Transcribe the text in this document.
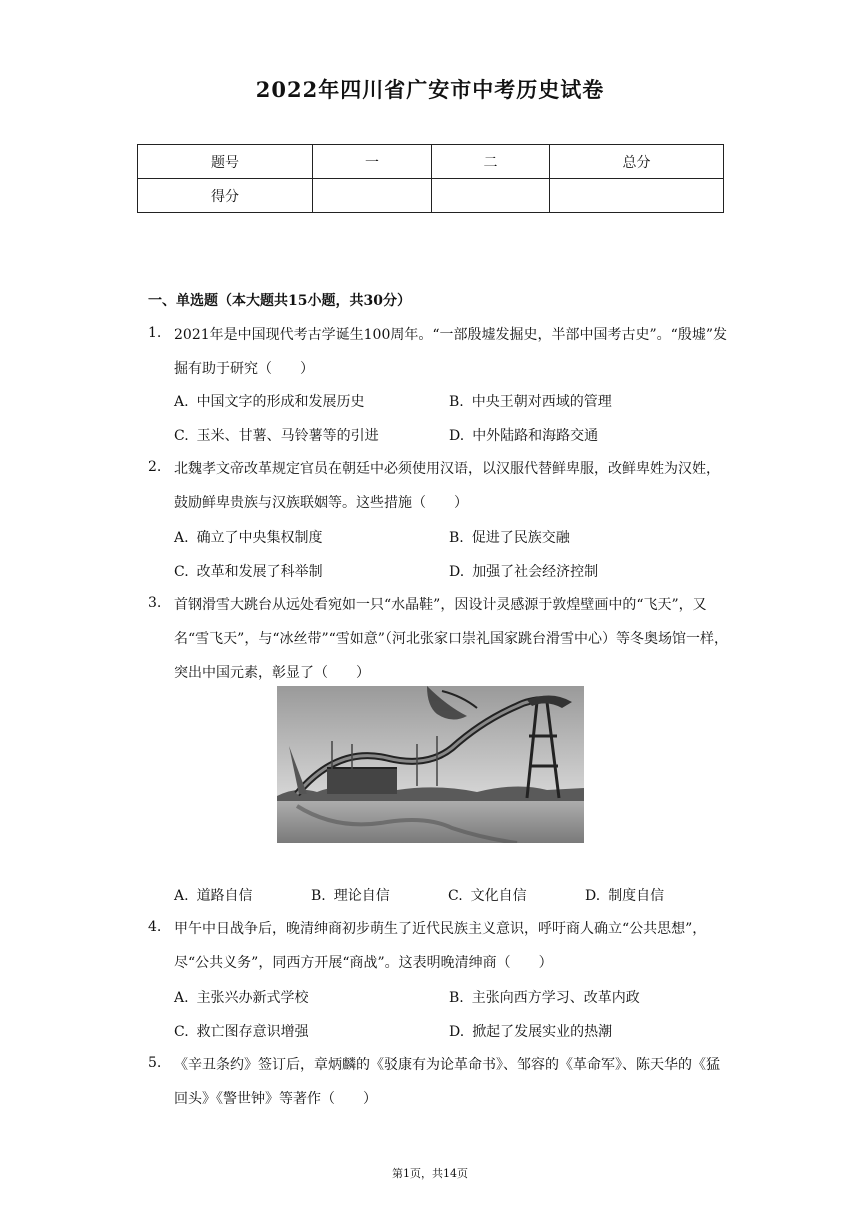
2022年四川省广安市中考历史试卷
题号	一	二	总分
得分			
一、单选题（本大题共15小题，共30分）
1. 2021年是中国现代考古学诞生100周年。“一部殷墟发掘史，半部中国考古史”。“殷墟”发掘有助于研究（　　）
A. 中国文字的形成和发展历史	B. 中央王朝对西域的管理
C. 玉米、甘薯、马铃薯等的引进	D. 中外陆路和海路交通
2. 北魏孝文帝改革规定官员在朝廷中必须使用汉语，以汉服代替鲜卑服，改鲜卑姓为汉姓，鼓励鲜卑贵族与汉族联姻等。这些措施（　　）
A. 确立了中央集权制度	B. 促进了民族交融
C. 改革和发展了科举制	D. 加强了社会经济控制
3. 首钢滑雪大跳台从远处看宛如一只“水晶鞋”，因设计灵感源于敦煌壁画中的“飞天”，又名“雪飞天”，与“冰丝带”“雪如意”（河北张家口崇礼国家跳台滑雪中心）等冬奥场馆一样，突出中国元素，彰显了（　　）
A. 道路自信	B. 理论自信	C. 文化自信	D. 制度自信
4. 甲午中日战争后，晚清绅商初步萌生了近代民族主义意识，呼吁商人确立“公共思想”，尽“公共义务”，同西方开展“商战”。这表明晚清绅商（　　）
A. 主张兴办新式学校	B. 主张向西方学习、改革内政
C. 救亡图存意识增强	D. 掀起了发展实业的热潮
5. 《辛丑条约》签订后，章炳麟的《驳康有为论革命书》、邹容的《革命军》、陈天华的《猛回头》《警世钟》等著作（　　）
第1页，共14页
